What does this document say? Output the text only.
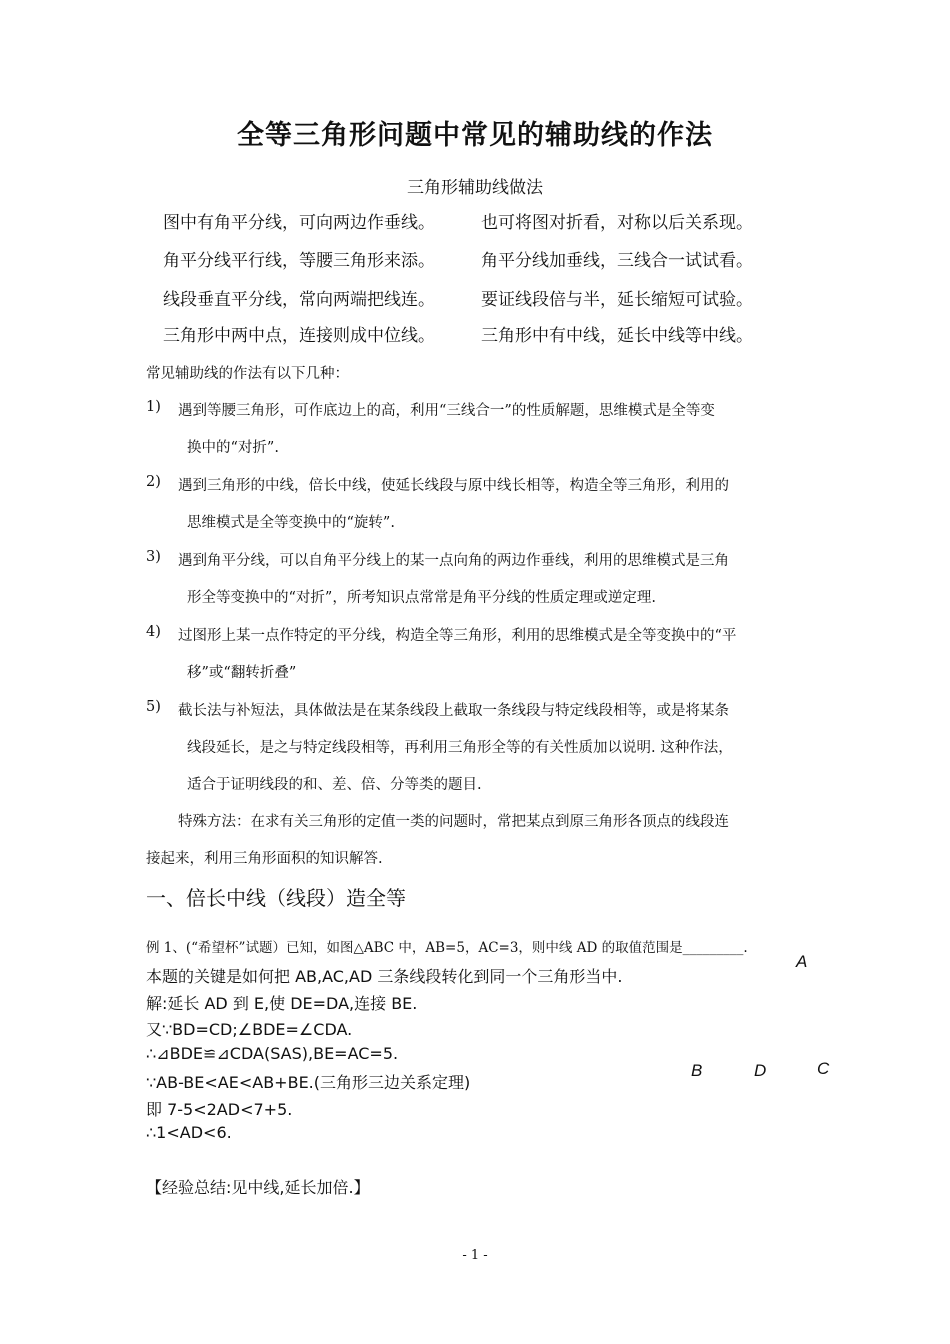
全等三角形问题中常见的辅助线的作法
三角形辅助线做法
图中有角平分线，可向两边作垂线。	也可将图对折看，对称以后关系现。
角平分线平行线，等腰三角形来添。	角平分线加垂线，三线合一试试看。
线段垂直平分线，常向两端把线连。	要证线段倍与半，延长缩短可试验。
三角形中两中点，连接则成中位线。	三角形中有中线，延长中线等中线。
常见辅助线的作法有以下几种：
1) 遇到等腰三角形，可作底边上的高，利用“三线合一”的性质解题，思维模式是全等变
换中的“对折”.
2) 遇到三角形的中线，倍长中线，使延长线段与原中线长相等，构造全等三角形，利用的
思维模式是全等变换中的“旋转”.
3) 遇到角平分线，可以自角平分线上的某一点向角的两边作垂线，利用的思维模式是三角
形全等变换中的“对折”，所考知识点常常是角平分线的性质定理或逆定理.
4) 过图形上某一点作特定的平分线，构造全等三角形，利用的思维模式是全等变换中的“平
移”或“翻转折叠”
5) 截长法与补短法，具体做法是在某条线段上截取一条线段与特定线段相等，或是将某条
线段延长，是之与特定线段相等，再利用三角形全等的有关性质加以说明. 这种作法，
适合于证明线段的和、差、倍、分等类的题目.
特殊方法：在求有关三角形的定值一类的问题时，常把某点到原三角形各顶点的线段连
接起来，利用三角形面积的知识解答.
一、倍长中线（线段）造全等
例 1、(“希望杯”试题）已知，如图△ABC 中，AB=5，AC=3，则中线 AD 的取值范围是_________.
本题的关键是如何把 AB,AC,AD 三条线段转化到同一个三角形当中.
解:延长 AD 到 E,使 DE=DA,连接 BE.
又∵BD=CD;∠BDE=∠CDA.
∴⊿BDE≌⊿CDA(SAS),BE=AC=5.
∵AB-BE<AE<AB+BE.(三角形三边关系定理)
即 7-5<2AD<7+5.
∴1<AD<6.
【经验总结:见中线,延长加倍.】
A
B	D	C
- 1 -
